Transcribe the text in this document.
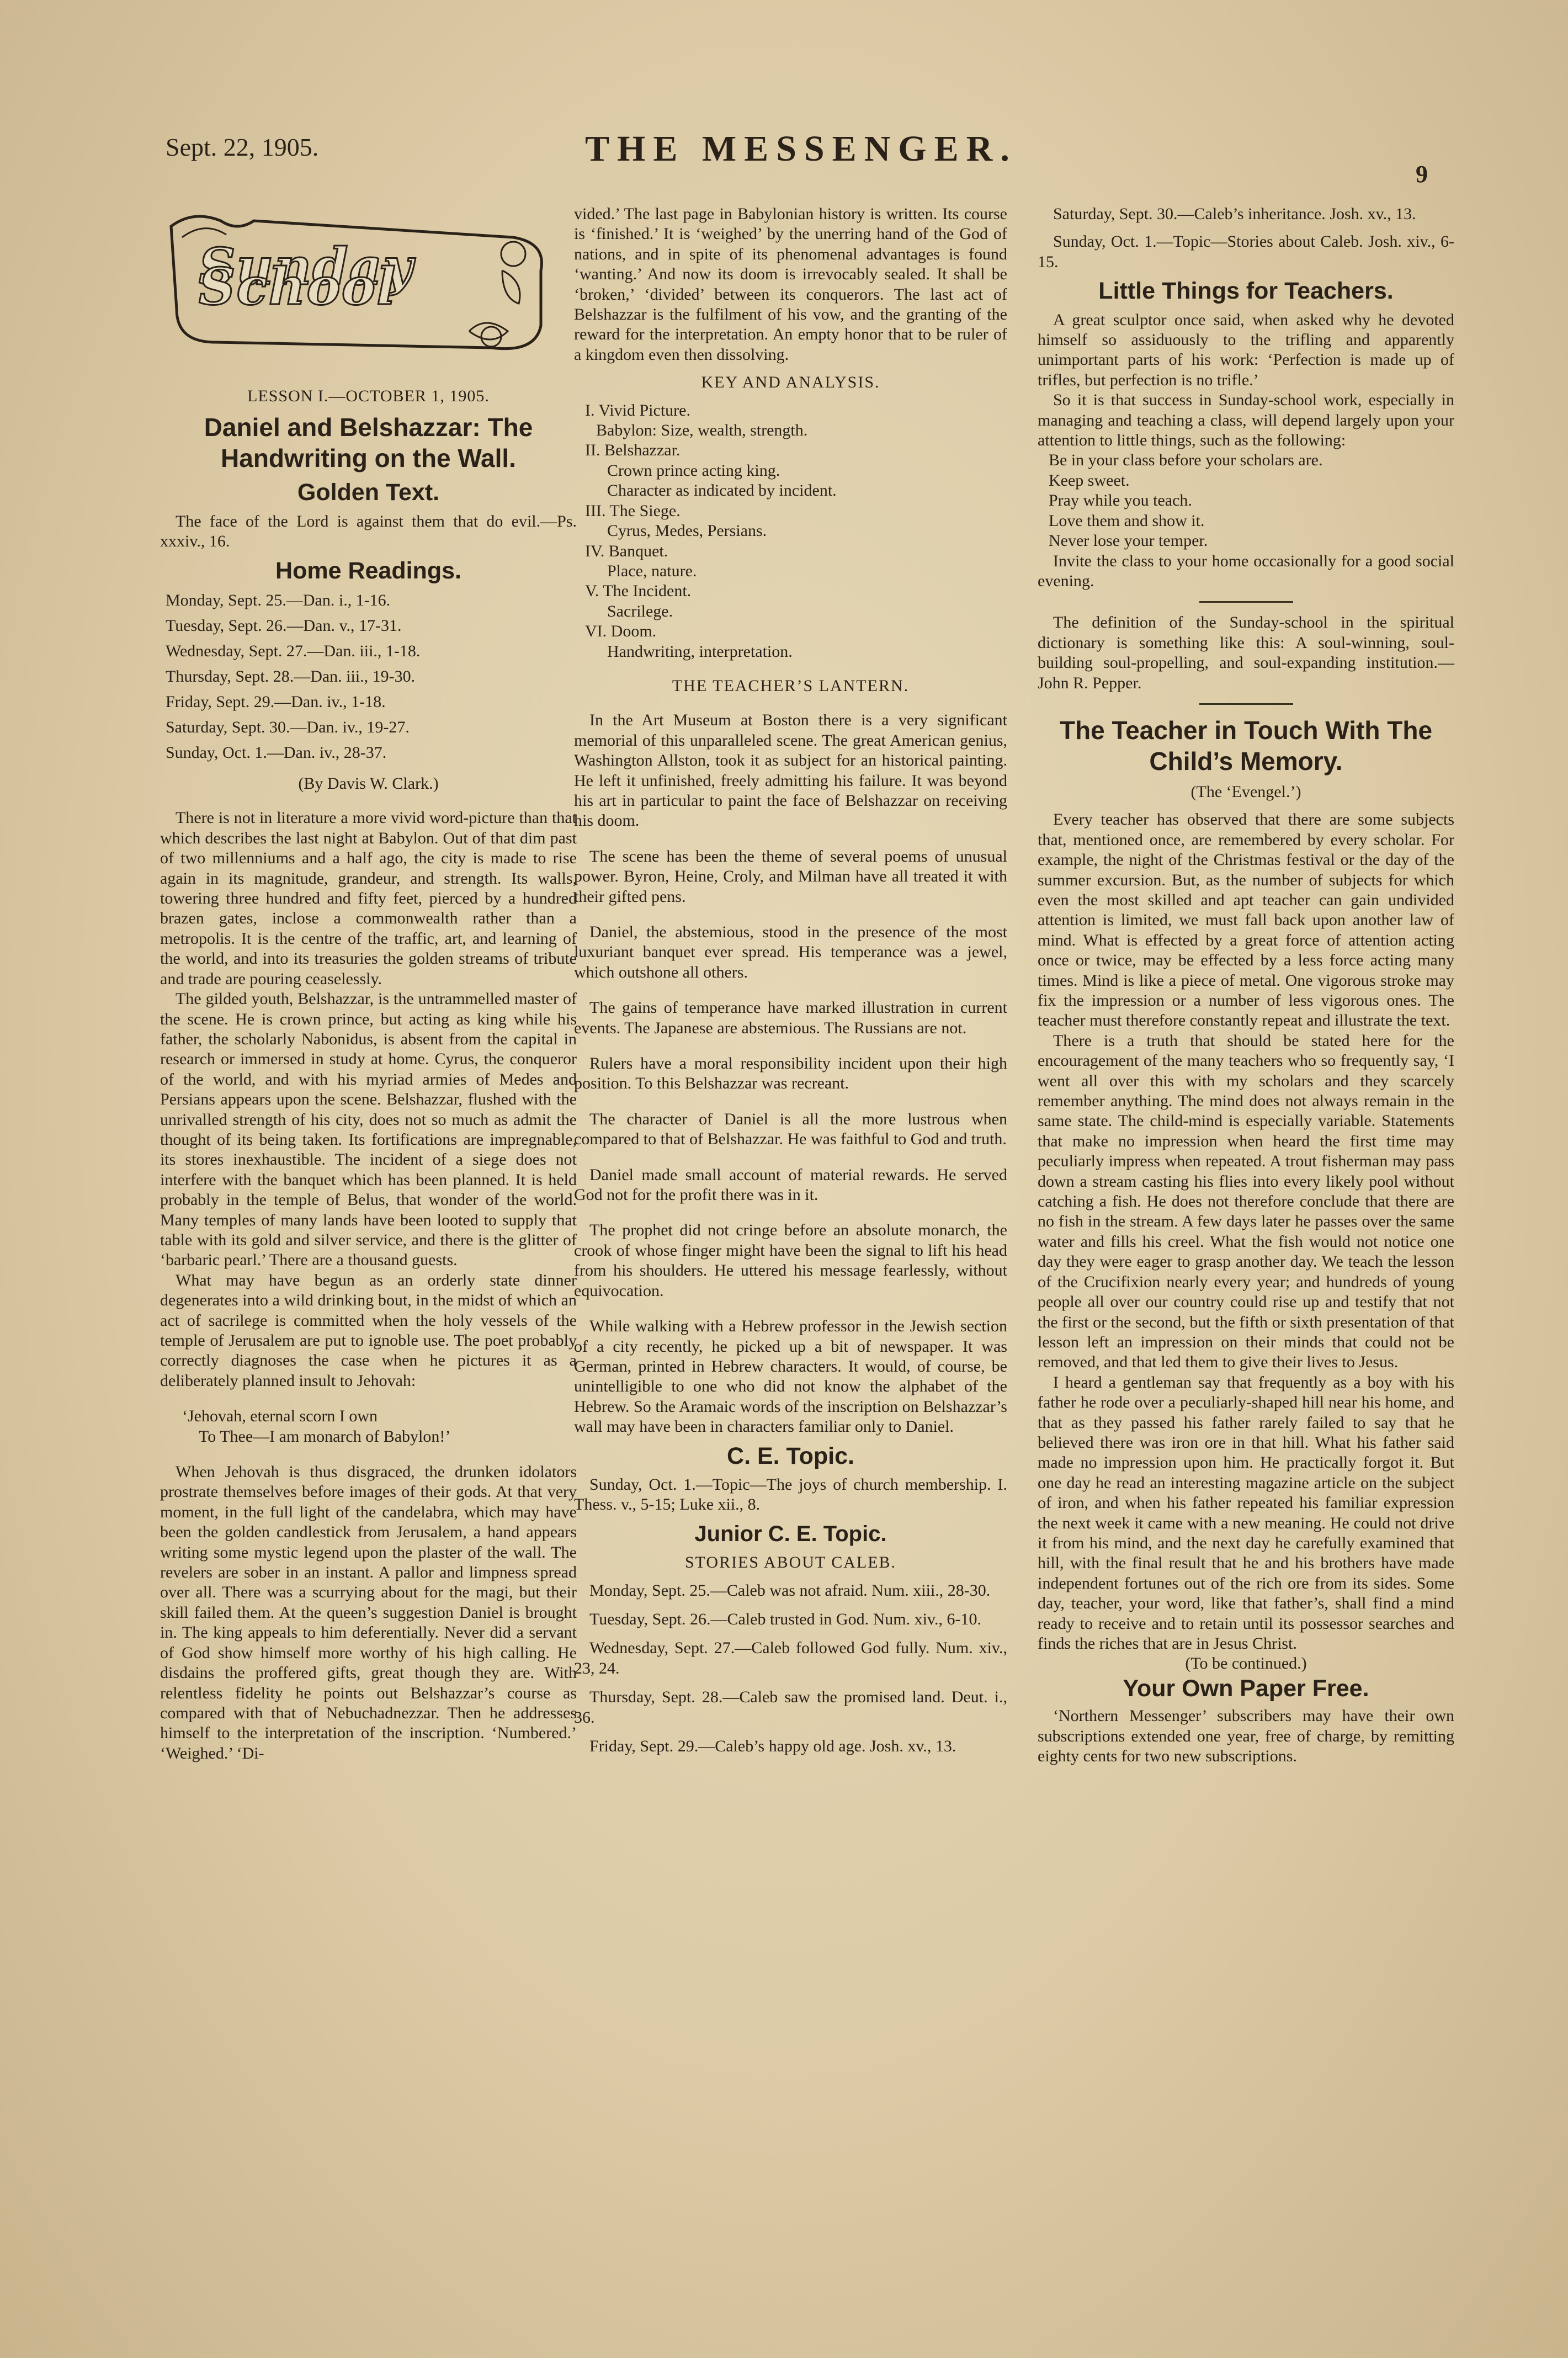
Sept. 22, 1905.	THE MESSENGER.
9
Sunday School

LESSON I.—OCTOBER 1, 1905.

Daniel and Belshazzar: The Handwriting on the Wall.
Golden Text.

The face of the Lord is against them that do evil.—Ps. xxxiv., 16.

Home Readings.

Monday, Sept. 25.—Dan. i., 1-16.

Tuesday, Sept. 26.—Dan. v., 17-31.

Wednesday, Sept. 27.—Dan. iii., 1-18.

Thursday, Sept. 28.—Dan. iii., 19-30.

Friday, Sept. 29.—Dan. iv., 1-18.

Saturday, Sept. 30.—Dan. iv., 19-27.

Sunday, Oct. 1.—Dan. iv., 28-37.

(By Davis W. Clark.)

There is not in literature a more vivid word-picture than that which describes the last night at Babylon. Out of that dim past of two millenniums and a half ago, the city is made to rise again in its magnitude, grandeur, and strength. Its walls, towering three hundred and fifty feet, pierced by a hundred brazen gates, inclose a commonwealth rather than a metropolis. It is the centre of the traffic, art, and learning of the world, and into its treasuries the golden streams of tribute and trade are pouring ceaselessly.

The gilded youth, Belshazzar, is the untrammelled master of the scene. He is crown prince, but acting as king while his father, the scholarly Nabonidus, is absent from the capital in research or immersed in study at home. Cyrus, the conqueror of the world, and with his myriad armies of Medes and Persians appears upon the scene. Belshazzar, flushed with the unrivalled strength of his city, does not so much as admit the thought of its being taken. Its fortifications are impregnable, its stores inexhaustible. The incident of a siege does not interfere with the banquet which has been planned. It is held probably in the temple of Belus, that wonder of the world. Many temples of many lands have been looted to supply that table with its gold and silver service, and there is the glitter of ‘barbaric pearl.’ There are a thousand guests.

What may have begun as an orderly state dinner degenerates into a wild drinking bout, in the midst of which an act of sacrilege is committed when the holy vessels of the temple of Jerusalem are put to ignoble use. The poet probably correctly diagnoses the case when he pictures it as a deliberately planned insult to Jehovah:

‘Jehovah, eternal scorn I own

To Thee—I am monarch of Babylon!’

When Jehovah is thus disgraced, the drunken idolators prostrate themselves before images of their gods. At that very moment, in the full light of the candelabra, which may have been the golden candlestick from Jerusalem, a hand appears writing some mystic legend upon the plaster of the wall. The revelers are sober in an instant. A pallor and limpness spread over all. There was a scurrying about for the magi, but their skill failed them. At the queen’s suggestion Daniel is brought in. The king appeals to him deferentially. Never did a servant of God show himself more worthy of his high calling. He disdains the proffered gifts, great though they are. With relentless fidelity he points out Belshazzar’s course as compared with that of Nebuchadnezzar. Then he addresses himself to the interpretation of the inscription. ‘Numbered.’ ‘Weighed.’ ‘Di-

vided.’ The last page in Babylonian history is written. Its course is ‘finished.’ It is ‘weighed’ by the unerring hand of the God of nations, and in spite of its phenomenal advantages is found ‘wanting.’ And now its doom is irrevocably sealed. It shall be ‘broken,’ ‘divided’ between its conquerors. The last act of Belshazzar is the fulfilment of his vow, and the granting of the reward for the interpretation. An empty honor that to be ruler of a kingdom even then dissolving.

KEY AND ANALYSIS.

I. Vivid Picture.

Babylon: Size, wealth, strength.

II. Belshazzar.

Crown prince acting king.

Character as indicated by incident.

III. The Siege.

Cyrus, Medes, Persians.

IV. Banquet.

Place, nature.

V. The Incident.

Sacrilege.

VI. Doom.

Handwriting, interpretation.

THE TEACHER’S LANTERN.

In the Art Museum at Boston there is a very significant memorial of this unparalleled scene. The great American genius, Washington Allston, took it as subject for an historical painting. He left it unfinished, freely admitting his failure. It was beyond his art in particular to paint the face of Belshazzar on receiving his doom.

The scene has been the theme of several poems of unusual power. Byron, Heine, Croly, and Milman have all treated it with their gifted pens.

Daniel, the abstemious, stood in the presence of the most luxuriant banquet ever spread. His temperance was a jewel, which outshone all others.

The gains of temperance have marked illustration in current events. The Japanese are abstemious. The Russians are not.

Rulers have a moral responsibility incident upon their high position. To this Belshazzar was recreant.

The character of Daniel is all the more lustrous when compared to that of Belshazzar. He was faithful to God and truth.

Daniel made small account of material rewards. He served God not for the profit there was in it.

The prophet did not cringe before an absolute monarch, the crook of whose finger might have been the signal to lift his head from his shoulders. He uttered his message fearlessly, without equivocation.

While walking with a Hebrew professor in the Jewish section of a city recently, he picked up a bit of newspaper. It was German, printed in Hebrew characters. It would, of course, be unintelligible to one who did not know the alphabet of the Hebrew. So the Aramaic words of the inscription on Belshazzar’s wall may have been in characters familiar only to Daniel.

C. E. Topic.

Sunday, Oct. 1.—Topic—The joys of church membership. I. Thess. v., 5-15; Luke xii., 8.

Junior C. E. Topic.
STORIES ABOUT CALEB.

Monday, Sept. 25.—Caleb was not afraid. Num. xiii., 28-30.

Tuesday, Sept. 26.—Caleb trusted in God. Num. xiv., 6-10.

Wednesday, Sept. 27.—Caleb followed God fully. Num. xiv., 23, 24.

Thursday, Sept. 28.—Caleb saw the promised land. Deut. i., 36.

Friday, Sept. 29.—Caleb’s happy old age. Josh. xv., 13.

Saturday, Sept. 30.—Caleb’s inheritance. Josh. xv., 13.

Sunday, Oct. 1.—Topic—Stories about Caleb. Josh. xiv., 6-15.

Little Things for Teachers.

A great sculptor once said, when asked why he devoted himself so assiduously to the trifling and apparently unimportant parts of his work: ‘Perfection is made up of trifles, but perfection is no trifle.’

So it is that success in Sunday-school work, especially in managing and teaching a class, will depend largely upon your attention to little things, such as the following:

Be in your class before your scholars are.

Keep sweet.

Pray while you teach.

Love them and show it.

Never lose your temper.

Invite the class to your home occasionally for a good social evening.

The definition of the Sunday-school in the spiritual dictionary is something like this: A soul-winning, soul-building soul-propelling, and soul-expanding institution.—John R. Pepper.

The Teacher in Touch With The Child’s Memory.

(The ‘Evengel.’)

Every teacher has observed that there are some subjects that, mentioned once, are remembered by every scholar. For example, the night of the Christmas festival or the day of the summer excursion. But, as the number of subjects for which even the most skilled and apt teacher can gain undivided attention is limited, we must fall back upon another law of mind. What is effected by a great force of attention acting once or twice, may be effected by a less force acting many times. Mind is like a piece of metal. One vigorous stroke may fix the impression or a number of less vigorous ones. The teacher must therefore constantly repeat and illustrate the text.

There is a truth that should be stated here for the encouragement of the many teachers who so frequently say, ‘I went all over this with my scholars and they scarcely remember anything. The mind does not always remain in the same state. The child-mind is especially variable. Statements that make no impression when heard the first time may peculiarly impress when repeated. A trout fisherman may pass down a stream casting his flies into every likely pool without catching a fish. He does not therefore conclude that there are no fish in the stream. A few days later he passes over the same water and fills his creel. What the fish would not notice one day they were eager to grasp another day. We teach the lesson of the Crucifixion nearly every year; and hundreds of young people all over our country could rise up and testify that not the first or the second, but the fifth or sixth presentation of that lesson left an impression on their minds that could not be removed, and that led them to give their lives to Jesus.

I heard a gentleman say that frequently as a boy with his father he rode over a peculiarly-shaped hill near his home, and that as they passed his father rarely failed to say that he believed there was iron ore in that hill. What his father said made no impression upon him. He practically forgot it. But one day he read an interesting magazine article on the subject of iron, and when his father repeated his familiar expression the next week it came with a new meaning. He could not drive it from his mind, and the next day he carefully examined that hill, with the final result that he and his brothers have made independent fortunes out of the rich ore from its sides. Some day, teacher, your word, like that father’s, shall find a mind ready to receive and to retain until its possessor searches and finds the riches that are in Jesus Christ.

(To be continued.)

Your Own Paper Free.

‘Northern Messenger’ subscribers may have their own subscriptions extended one year, free of charge, by remitting eighty cents for two new subscriptions.
